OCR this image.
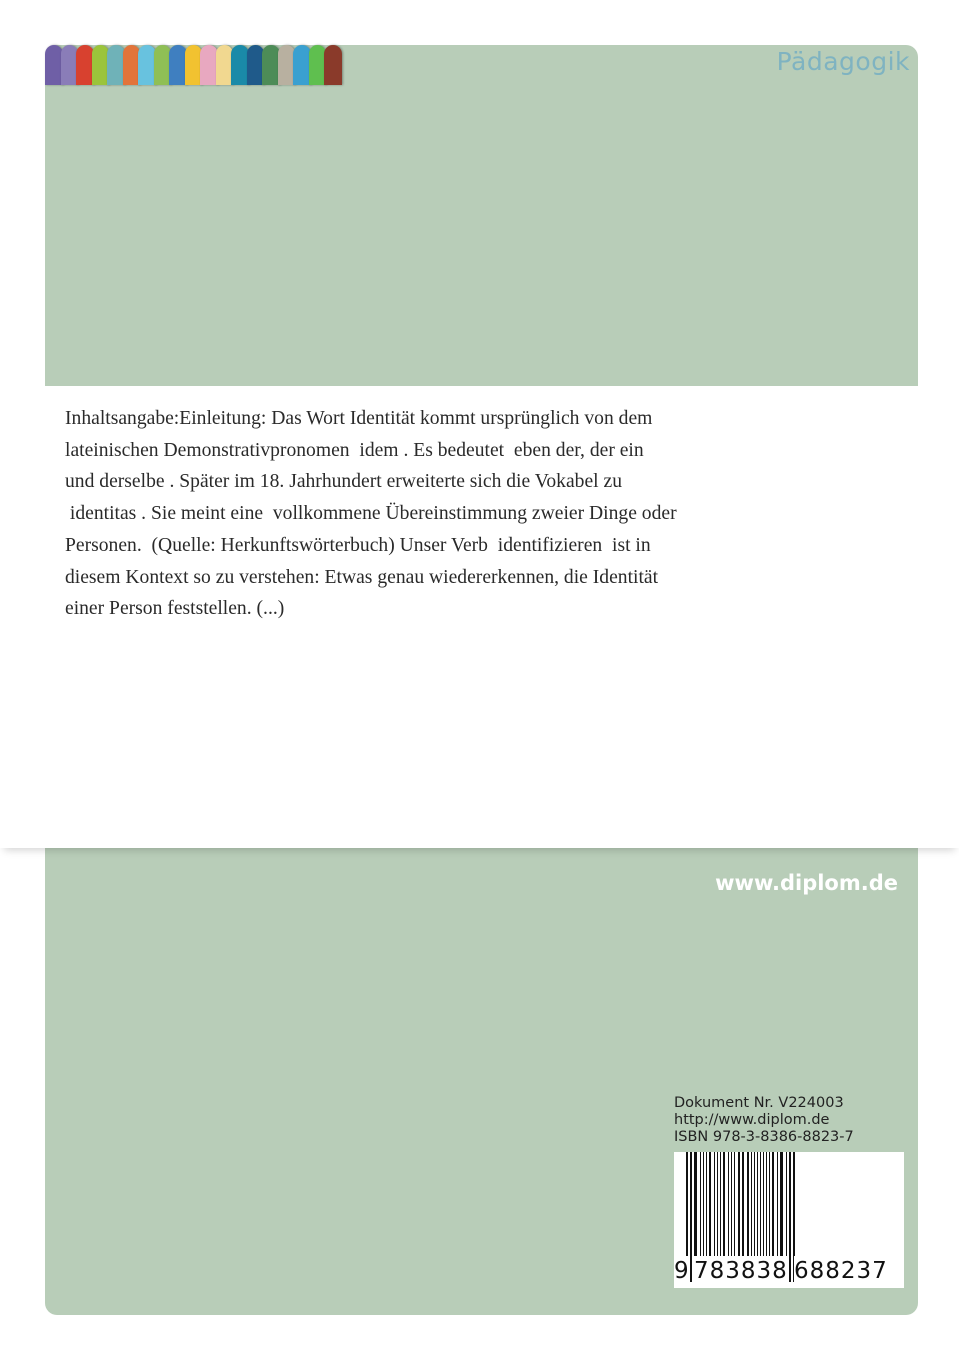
Pädagogik

Inhaltsangabe:Einleitung: Das Wort Identität kommt ursprünglich von dem
lateinischen Demonstrativpronomen  idem . Es bedeutet  eben der, der ein
und derselbe . Später im 18. Jahrhundert erweiterte sich die Vokabel zu
identitas . Sie meint eine  vollkommene Übereinstimmung zweier Dinge oder
Personen.  (Quelle: Herkunftswörterbuch) Unser Verb  identifizieren  ist in
diesem Kontext so zu verstehen: Etwas genau wiedererkennen, die Identität
einer Person feststellen. (...)

www.diplom.de
Dokument Nr. V224003
http://www.diplom.de
ISBN 978-3-8386-8823-7
9 783838 688237
